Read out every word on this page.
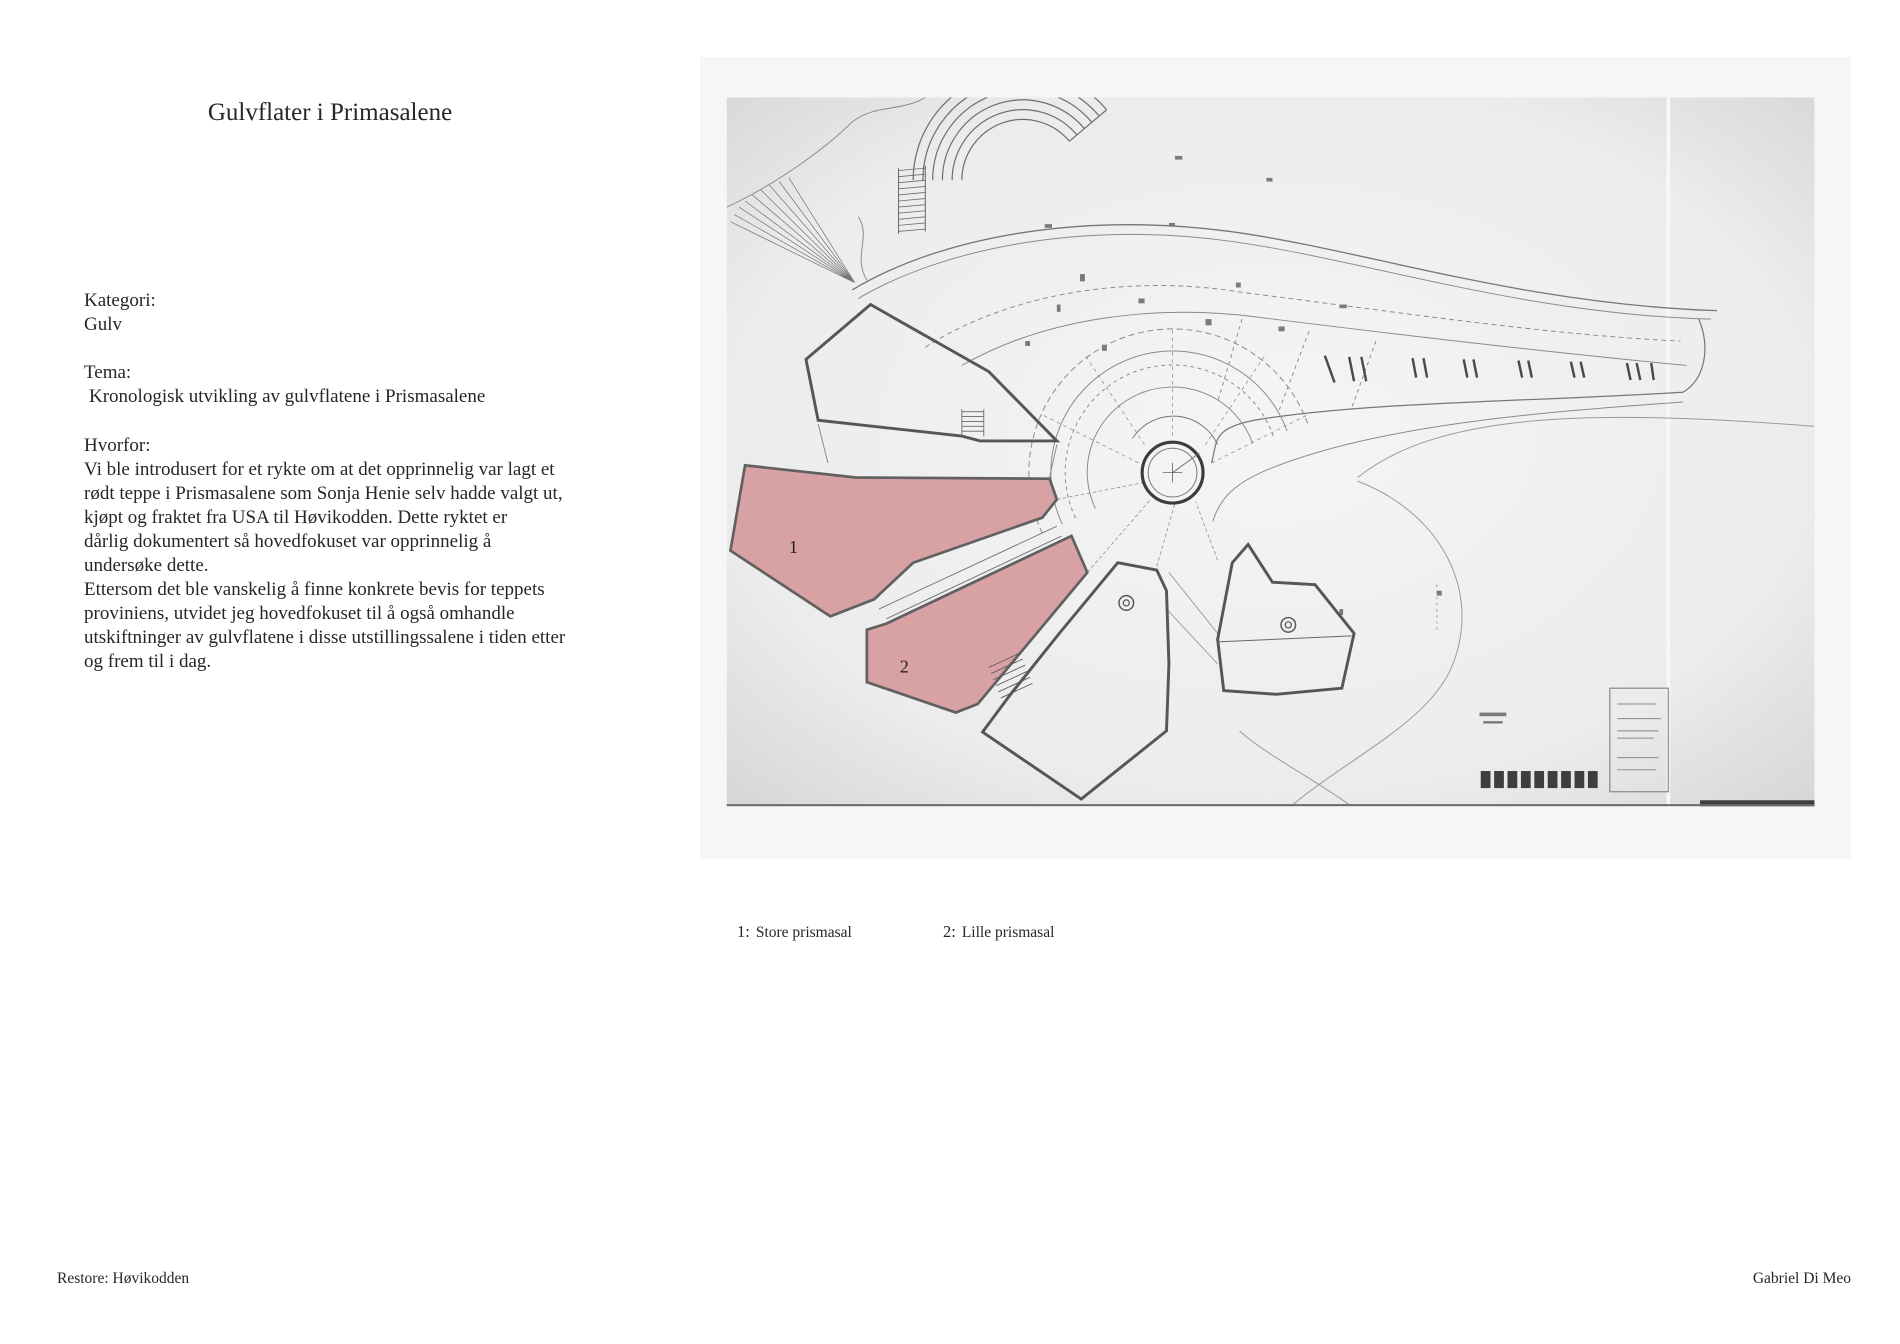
Gulvflater i Primasalene
Kategori:
Gulv
Tema:
Kronologisk utvikling av gulvflatene i Prismasalene
Hvorfor:
Vi ble introdusert for et rykte om at det opprinnelig var lagt et
rødt teppe i Prismasalene som Sonja Henie selv hadde valgt ut,
kjøpt og fraktet fra USA til Høvikodden. Dette ryktet er
dårlig dokumentert så hovedfokuset var opprinnelig å
undersøke dette.
Ettersom det ble vanskelig å finne konkrete bevis for teppets
proviniens, utvidet jeg hovedfokuset til å også omhandle
utskiftninger av gulvflatene i disse utstillingssalene i tiden etter
og frem til i dag.
1
2
1: Store prismasal	2: Lille prismasal
Restore: Høvikodden	Gabriel Di Meo
